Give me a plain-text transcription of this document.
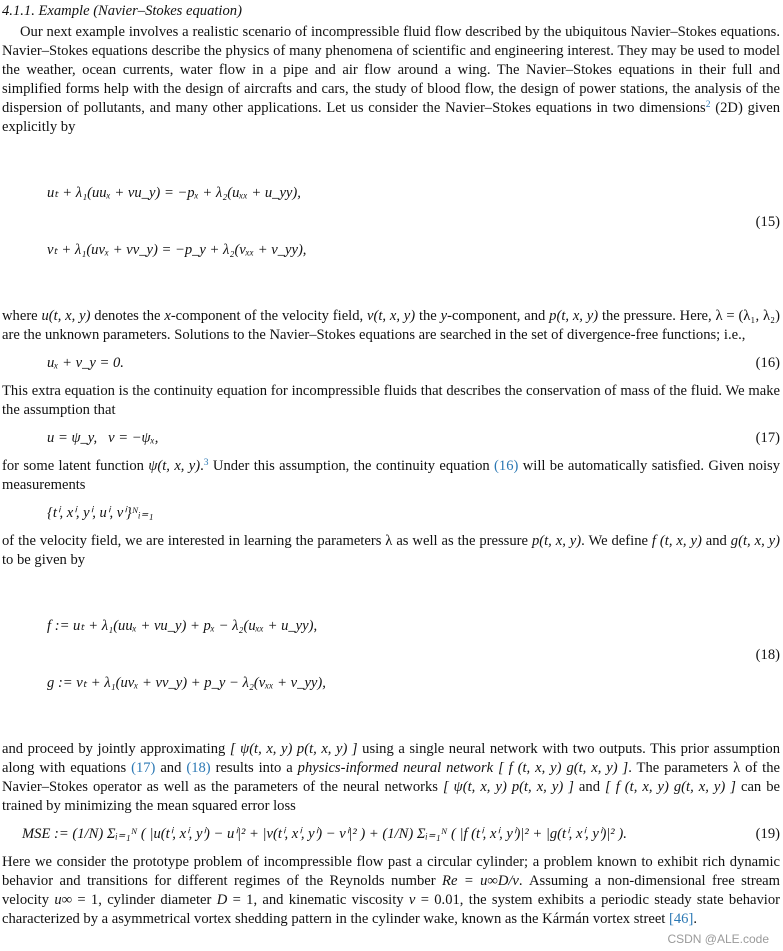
4.1.1. Example (Navier–Stokes equation)
Our next example involves a realistic scenario of incompressible fluid flow described by the ubiquitous Navier–Stokes equations. Navier–Stokes equations describe the physics of many phenomena of scientific and engineering interest. They may be used to model the weather, ocean currents, water flow in a pipe and air flow around a wing. The Navier–Stokes equations in their full and simplified forms help with the design of aircrafts and cars, the study of blood flow, the design of power stations, the analysis of the dispersion of pollutants, and many other applications. Let us consider the Navier–Stokes equations in two dimensions$^2$ (2D) given explicitly by

uₜ + λ₁(uuₓ + vu_y) = −pₓ + λ₂(uₓₓ + u_yy),

vₜ + λ₁(uvₓ + vv_y) = −p_y + λ₂(vₓₓ + v_yy),

(15)
where u(t, x, y) denotes the x-component of the velocity field, v(t, x, y) the y-component, and p(t, x, y) the pressure. Here, λ = (λ₁, λ₂) are the unknown parameters. Solutions to the Navier–Stokes equations are searched in the set of divergence-free functions; i.e.,
uₓ + v_y = 0.	(16)
This extra equation is the continuity equation for incompressible fluids that describes the conservation of mass of the fluid. We make the assumption that
u = ψ_y,   v = −ψₓ,	(17)
for some latent function ψ(t, x, y).$^3$ Under this assumption, the continuity equation (16) will be automatically satisfied. Given noisy measurements
{tⁱ, xⁱ, yⁱ, uⁱ, vⁱ}ᴺᵢ₌₁
of the velocity field, we are interested in learning the parameters λ as well as the pressure p(t, x, y). We define f (t, x, y) and g(t, x, y) to be given by

f := uₜ + λ₁(uuₓ + vu_y) + pₓ − λ₂(uₓₓ + u_yy),

g := vₜ + λ₁(uvₓ + vv_y) + p_y − λ₂(vₓₓ + v_yy),

(18)
and proceed by jointly approximating [ ψ(t, x, y) p(t, x, y) ] using a single neural network with two outputs. This prior assumption along with equations (17) and (18) results into a physics-informed neural network [ f (t, x, y) g(t, x, y) ]. The parameters λ of the Navier–Stokes operator as well as the parameters of the neural networks [ ψ(t, x, y) p(t, x, y) ] and [ f (t, x, y) g(t, x, y) ] can be trained by minimizing the mean squared error loss
MSE := (1/N) Σᵢ₌₁ᴺ ( |u(tⁱ, xⁱ, yⁱ) − uⁱ|² + |v(tⁱ, xⁱ, yⁱ) − vⁱ|² ) + (1/N) Σᵢ₌₁ᴺ ( |f (tⁱ, xⁱ, yⁱ)|² + |g(tⁱ, xⁱ, yⁱ)|² ).	(19)
Here we consider the prototype problem of incompressible flow past a circular cylinder; a problem known to exhibit rich dynamic behavior and transitions for different regimes of the Reynolds number Re = u∞D/ν. Assuming a non-dimensional free stream velocity u∞ = 1, cylinder diameter D = 1, and kinematic viscosity ν = 0.01, the system exhibits a periodic steady state behavior characterized by a asymmetrical vortex shedding pattern in the cylinder wake, known as the Kármán vortex street [46].
CSDN @ALE.code
